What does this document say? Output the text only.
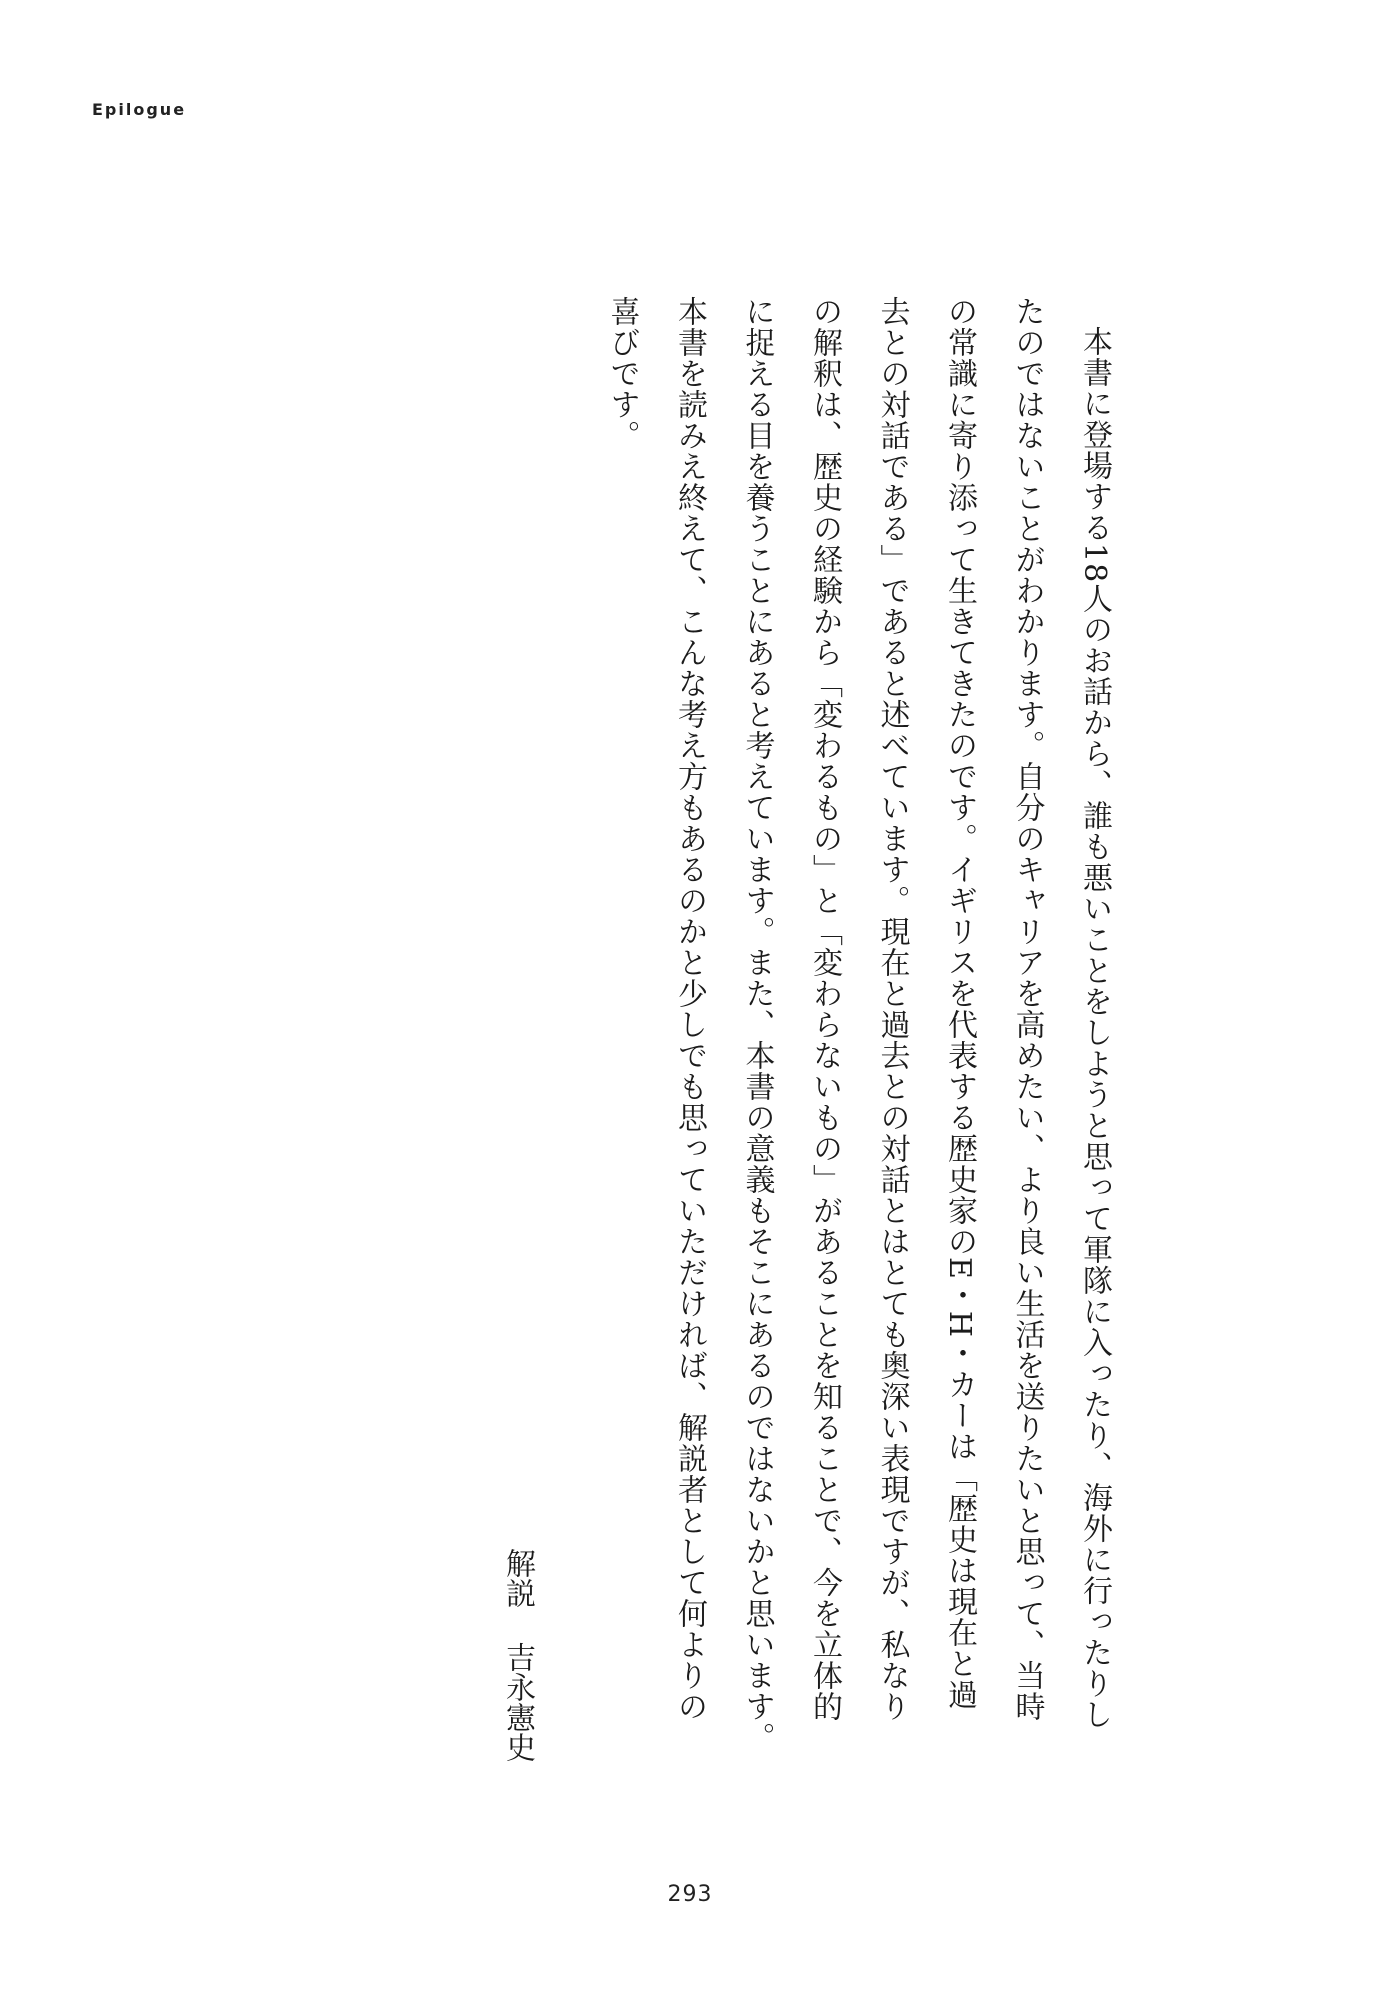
Epilogue
本書に登場する18人のお話から、誰も悪いことをしようと思って軍隊に入ったり、海外に行ったりし
たのではないことがわかります。自分のキャリアを高めたい、より良い生活を送りたいと思って、当時
の常識に寄り添って生きてきたのです。イギリスを代表する歴史家のE・H・カーは「歴史は現在と過
去との対話である」であると述べています。現在と過去との対話とはとても奥深い表現ですが、私なり
の解釈は、歴史の経験から「変わるもの」と「変わらないもの」があることを知ることで、今を立体的
に捉える目を養うことにあると考えています。また、本書の意義もそこにあるのではないかと思います。
本書を読みえ終えて、こんな考え方もあるのかと少しでも思っていただければ、解説者として何よりの
喜びです。
解説吉永憲史
293
